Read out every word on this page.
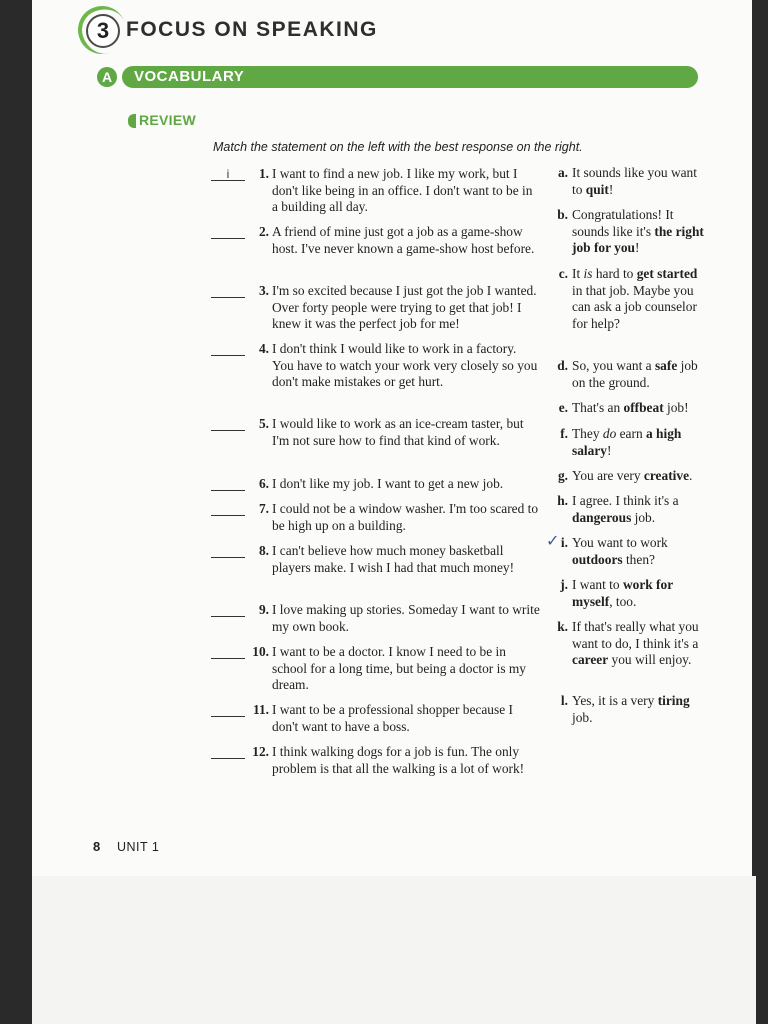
3 FOCUS ON SPEAKING
A	VOCABULARY
REVIEW
Match the statement on the left with the best response on the right.
i	1. I want to find a new job. I like my work, but I don't like being in an office. I don't want to be in a building all day.
2. A friend of mine just got a job as a game-show host. I've never known a game-show host before.
3. I'm so excited because I just got the job I wanted. Over forty people were trying to get that job! I knew it was the perfect job for me!
4. I don't think I would like to work in a factory. You have to watch your work very closely so you don't make mistakes or get hurt.
5. I would like to work as an ice-cream taster, but I'm not sure how to find that kind of work.
6. I don't like my job. I want to get a new job.
7. I could not be a window washer. I'm too scared to be high up on a building.
8. I can't believe how much money basketball players make. I wish I had that much money!
9. I love making up stories. Someday I want to write my own book.
10. I want to be a doctor. I know I need to be in school for a long time, but being a doctor is my dream.
11. I want to be a professional shopper because I don't want to have a boss.
12. I think walking dogs for a job is fun. The only problem is that all the walking is a lot of work!
a. It sounds like you want to quit!
b. Congratulations! It sounds like it's the right job for you!
c. It is hard to get started in that job. Maybe you can ask a job counselor for help?
d. So, you want a safe job on the ground.
e. That's an offbeat job!
f. They do earn a high salary!
g. You are very creative.
h. I agree. I think it's a dangerous job.
✓ i. You want to work outdoors then?
j. I want to work for myself, too.
k. If that's really what you want to do, I think it's a career you will enjoy.
l. Yes, it is a very tiring job.
8 UNIT 1
